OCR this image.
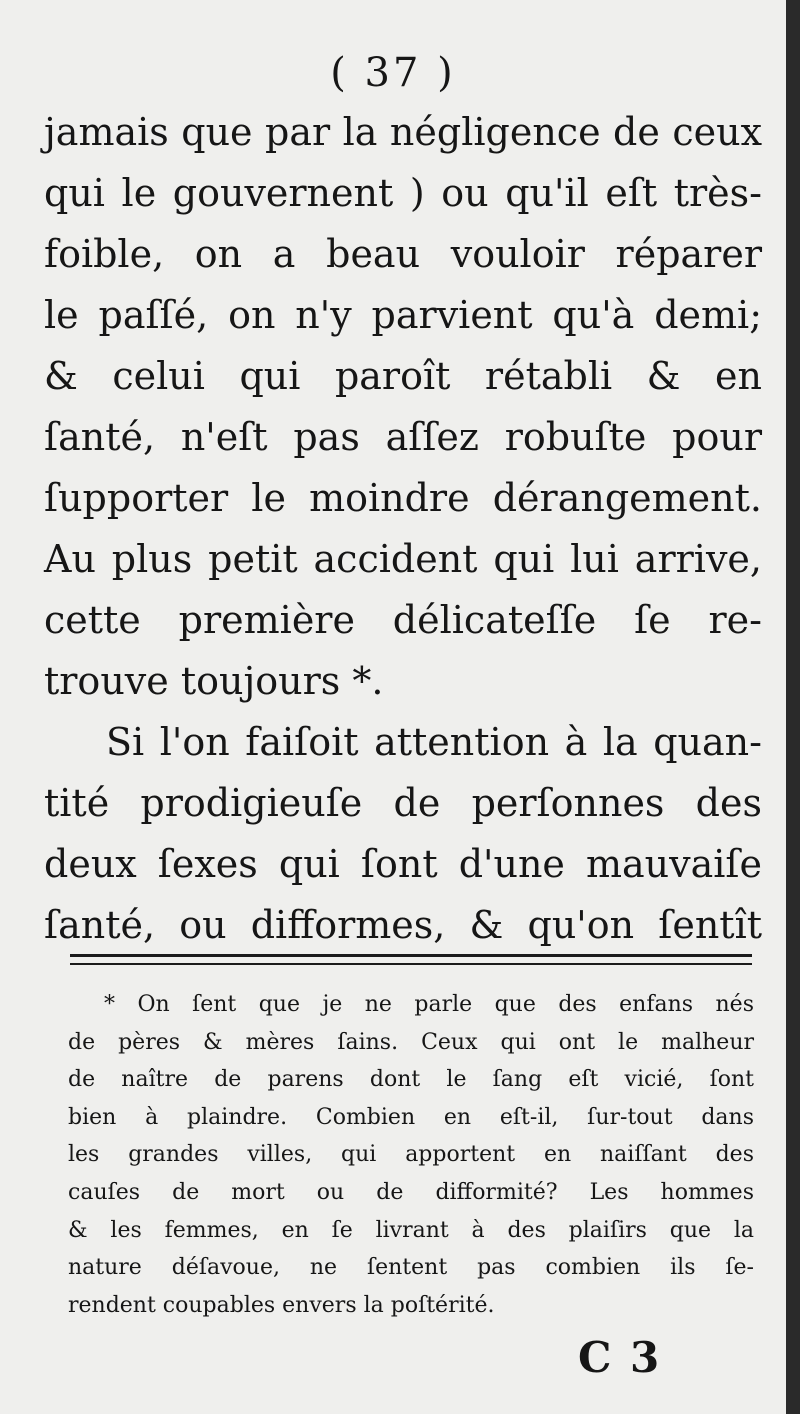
( 37 )
jamais que par la négligence de ceux
qui le gouvernent ) ou qu'il eſt très-
foible, on a beau vouloir réparer
le paſſé, on n'y parvient qu'à demi;
& celui qui paroît rétabli & en
ſanté, n'eſt pas aſſez robuſte pour
ſupporter le moindre dérangement.
Au plus petit accident qui lui arrive,
cette première délicateſſe ſe re-
trouve toujours *.
Si l'on faiſoit attention à la quan-
tité prodigieuſe de perſonnes des
deux ſexes qui ſont d'une mauvaiſe
ſanté, ou difformes, & qu'on ſentît
* On ſent que je ne parle que des enfans nés
de pères & mères ſains. Ceux qui ont le malheur
de naître de parens dont le ſang eſt vicié, ſont
bien à plaindre. Combien en eſt-il, ſur-tout dans
les grandes villes, qui apportent en naiſſant des
cauſes de mort ou de difformité? Les hommes
& les femmes, en ſe livrant à des plaiſirs que la
nature déſavoue, ne ſentent pas combien ils ſe-
rendent coupables envers la poſtérité.
C 3
